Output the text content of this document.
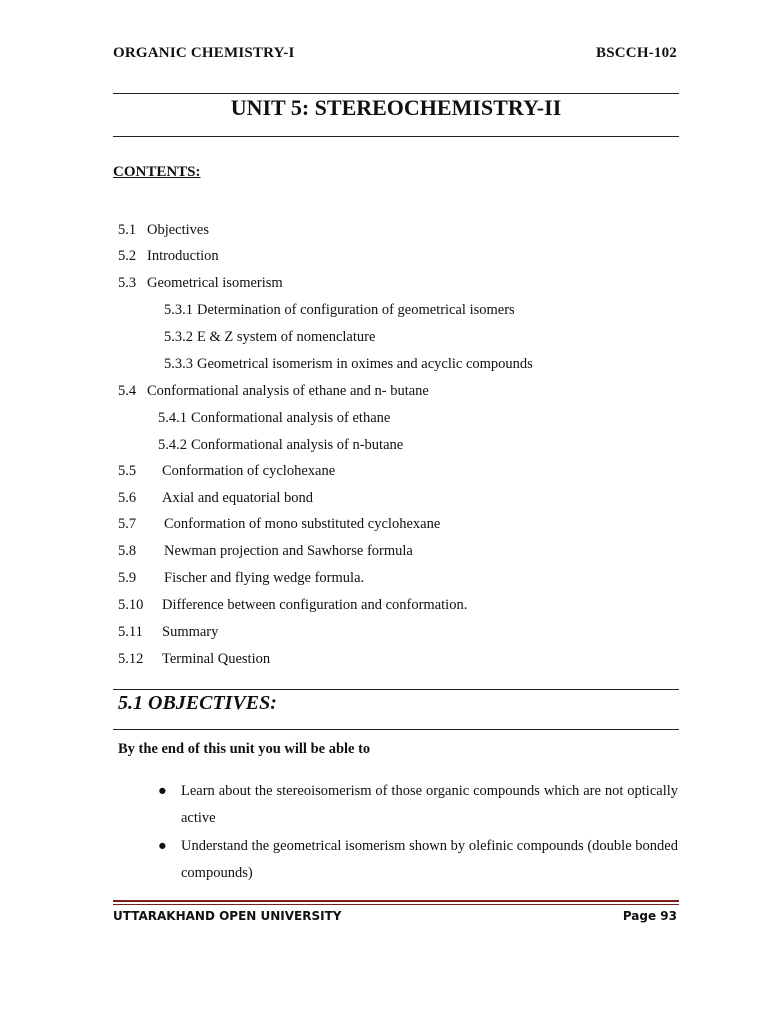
ORGANIC CHEMISTRY-I	BSCCH-102
UNIT 5: STEREOCHEMISTRY-II
CONTENTS:
5.1 Objectives
5.2 Introduction
5.3 Geometrical isomerism
5.3.1 Determination of configuration of geometrical isomers
5.3.2 E & Z system of nomenclature
5.3.3 Geometrical isomerism in oximes and acyclic compounds
5.4 Conformational analysis of ethane and n- butane
5.4.1 Conformational analysis of ethane
5.4.2 Conformational analysis of n-butane
5.5 Conformation of cyclohexane
5.6 Axial and equatorial bond
5.7 Conformation of mono substituted cyclohexane
5.8 Newman projection and Sawhorse formula
5.9 Fischer and flying wedge formula.
5.10 Difference between configuration and conformation.
5.11 Summary
5.12 Terminal Question
5.1 OBJECTIVES:
By the end of this unit you will be able to
● Learn about the stereoisomerism of those organic compounds which are not optically active
● Understand the geometrical isomerism shown by olefinic compounds (double bonded compounds)
UTTARAKHAND OPEN UNIVERSITY	Page 93
